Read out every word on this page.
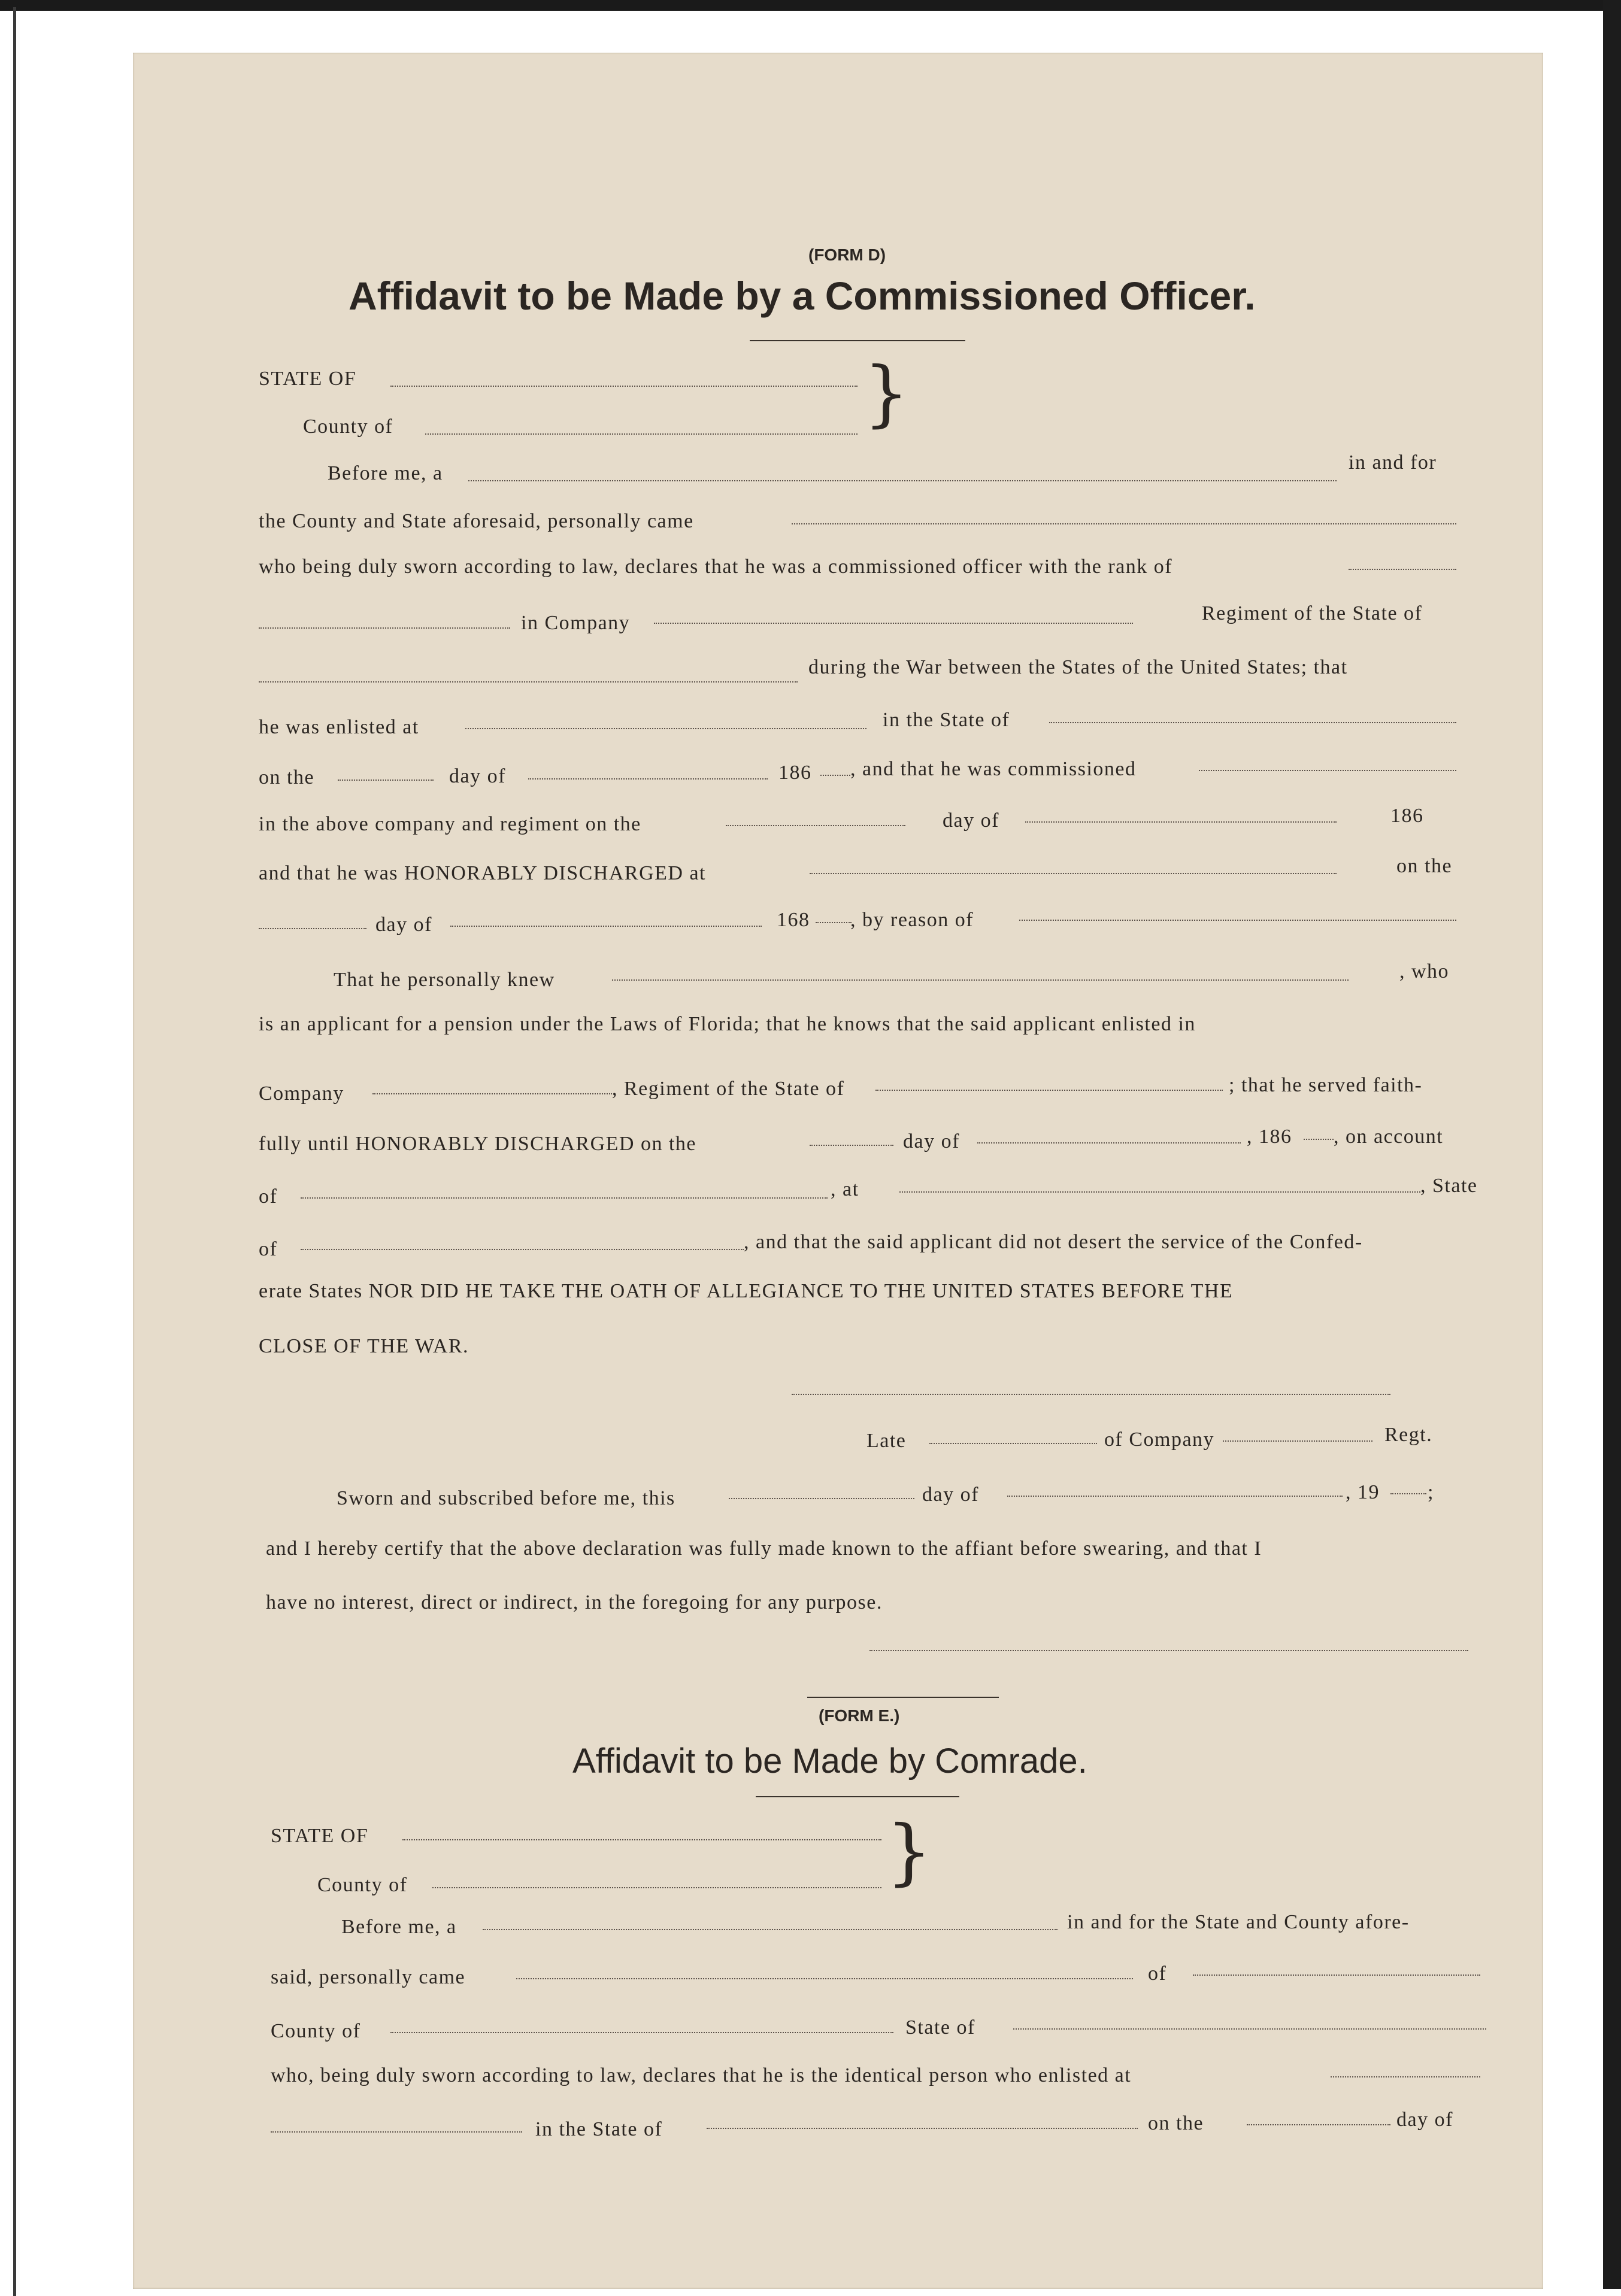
(FORM D)
Affidavit to be Made by a Commissioned Officer.
STATE OF
County of	}
Before me, a	in and for
the County and State aforesaid, personally came
who being duly sworn according to law, declares that he was a commissioned officer with the rank of
in Company	Regiment of the State of
during the War between the States of the United States; that
he was enlisted at	in the State of
on the	day of	186 , and that he was commissioned
in the above company and regiment on the	day of	186
and that he was HONORABLY DISCHARGED at	on the
day of	168 , by reason of
That he personally knew	, who
is an applicant for a pension under the Laws of Florida; that he knows that the said applicant enlisted in
Company	, Regiment of the State of	; that he served faith-
fully until HONORABLY DISCHARGED on the	day of	, 186 , on account
of	, at	, State
of	, and that the said applicant did not desert the service of the Confed-
erate States NOR DID HE TAKE THE OATH OF ALLEGIANCE TO THE UNITED STATES BEFORE THE
CLOSE OF THE WAR.
Late	of Company	Regt.
Sworn and subscribed before me, this	day of	, 19 ;
and I hereby certify that the above declaration was fully made known to the affiant before swearing, and that I
have no interest, direct or indirect, in the foregoing for any purpose.
(FORM E.)
Affidavit to be Made by Comrade.
STATE OF
County of	}
Before me, a	in and for the State and County afore-
said, personally came	of
County of	State of
who, being duly sworn according to law, declares that he is the identical person who enlisted at
in the State of	on the	day of
